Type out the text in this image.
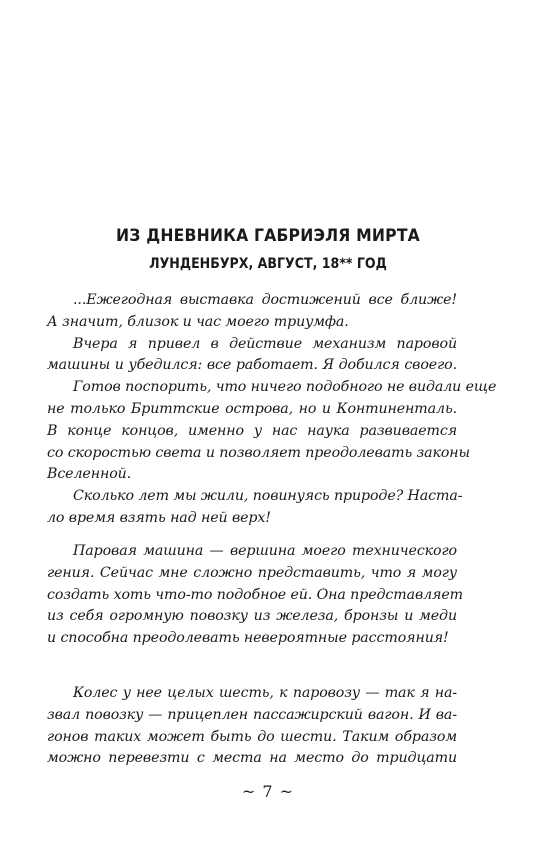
ИЗ ДНЕВНИКА ГАБРИЭЛЯ МИРТА
ЛУНДЕНБУРХ, АВГУСТ, 18** ГОД
...Ежегодная выставка достижений все ближе!
А значит, близок и час моего триумфа.
Вчера я привел в действие механизм паровой
машины и убедился: все работает. Я добился своего.
Готов поспорить, что ничего подобного не видали еще
не только Бриттские острова, но и Континенталь.
В конце концов, именно у нас наука развивается
со скоростью света и позволяет преодолевать законы
Вселенной.
Сколько лет мы жили, повинуясь природе? Наста-
ло время взять над ней верх!
Паровая машина — вершина моего технического
гения. Сейчас мне сложно представить, что я могу
создать хоть что-то подобное ей. Она представляет
из себя огромную повозку из железа, бронзы и меди
и способна преодолевать невероятные расстояния!
Колес у нее целых шесть, к паровозу — так я на-
звал повозку — прицеплен пассажирский вагон. И ва-
гонов таких может быть до шести. Таким образом
можно перевезти с места на место до тридцати
~ 7 ~
